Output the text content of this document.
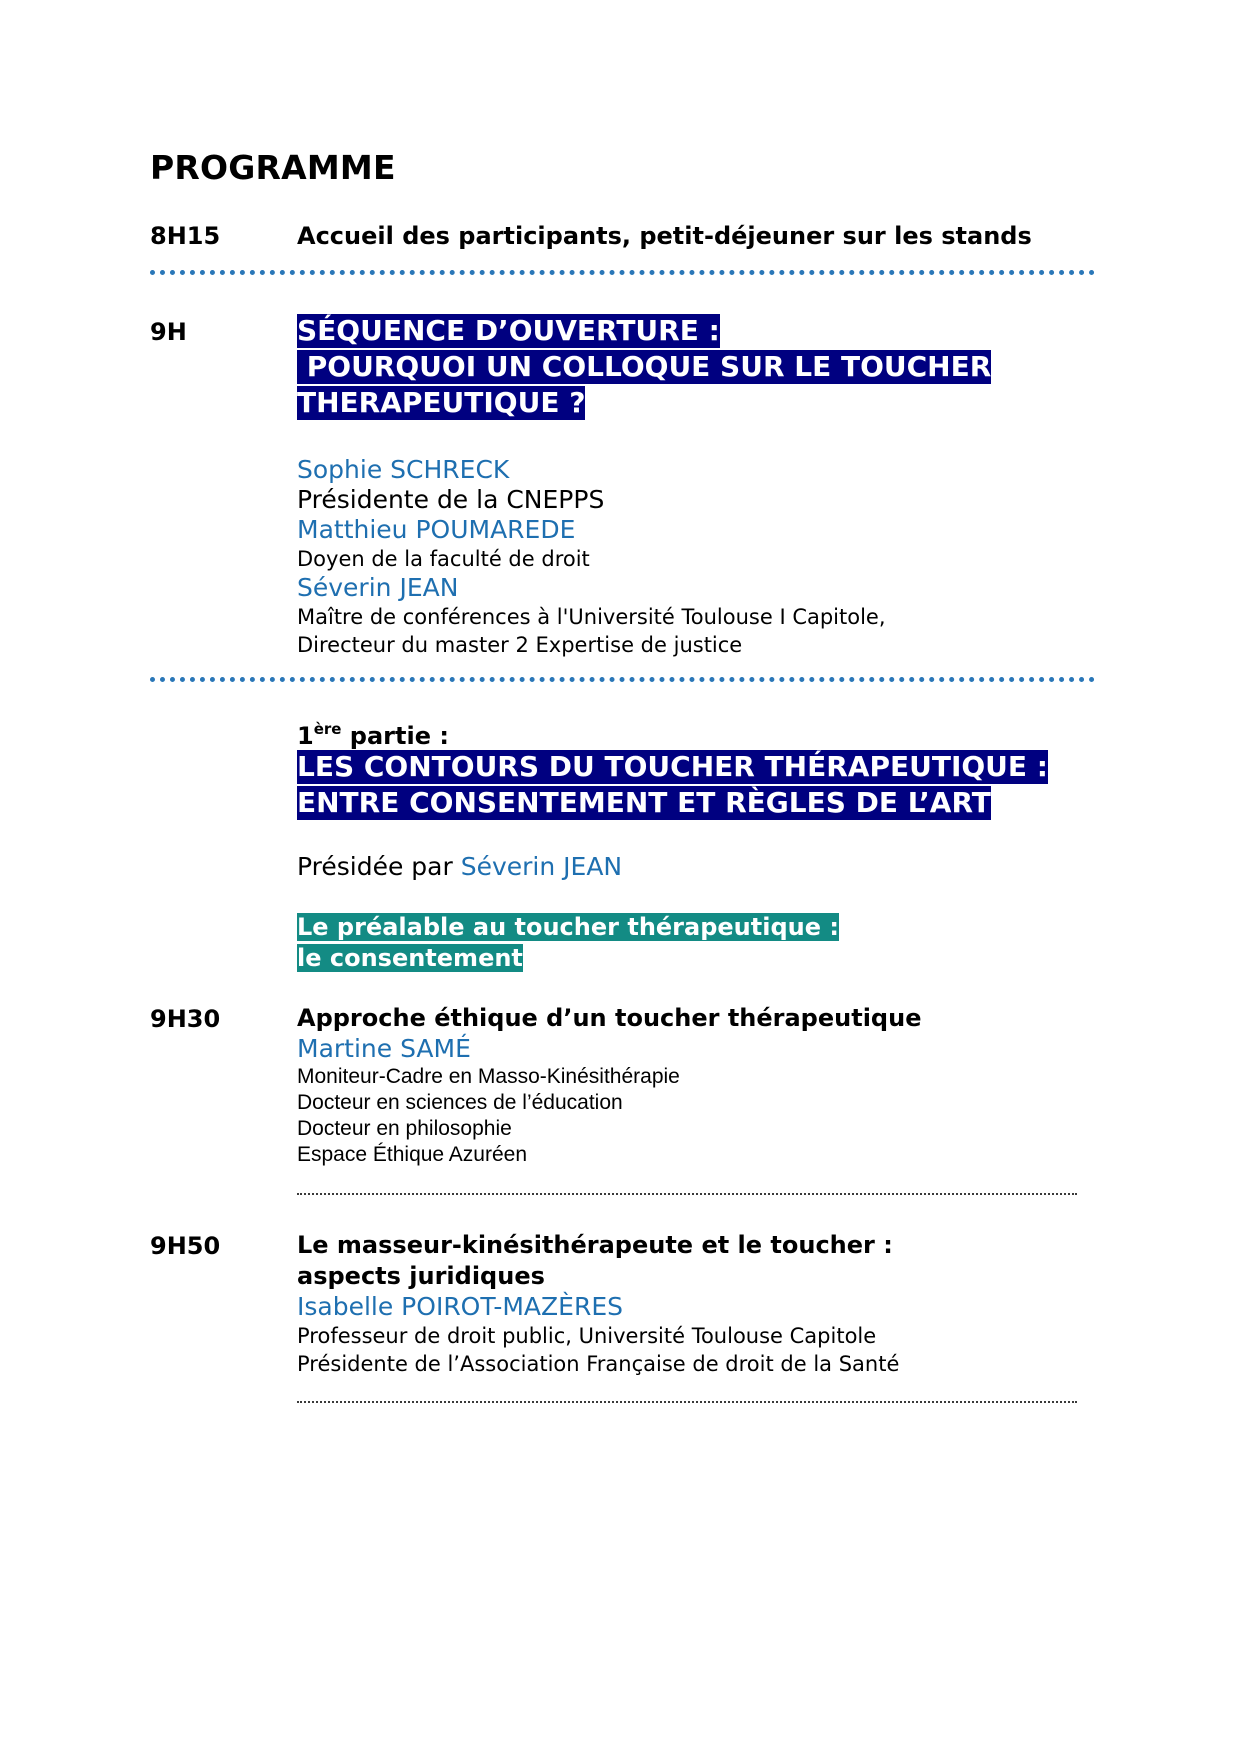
PROGRAMME
8H15	Accueil des participants, petit-déjeuner sur les stands
9H	SÉQUENCE D’OUVERTURE :
POURQUOI UN COLLOQUE SUR LE TOUCHER
THERAPEUTIQUE ?
Sophie SCHRECK
Présidente de la CNEPPS
Matthieu POUMAREDE
Doyen de la faculté de droit
Séverin JEAN
Maître de conférences à l'Université Toulouse I Capitole,
Directeur du master 2 Expertise de justice
1ère partie :
LES CONTOURS DU TOUCHER THÉRAPEUTIQUE :
ENTRE CONSENTEMENT ET RÈGLES DE L’ART
Présidée par Séverin JEAN
Le préalable au toucher thérapeutique :
le consentement
9H30	Approche éthique d’un toucher thérapeutique
Martine SAMÉ
Moniteur-Cadre en Masso-Kinésithérapie
Docteur en sciences de l’éducation
Docteur en philosophie
Espace Éthique Azuréen
9H50	Le masseur-kinésithérapeute et le toucher :
aspects juridiques
Isabelle POIROT-MAZÈRES
Professeur de droit public, Université Toulouse Capitole
Présidente de l’Association Française de droit de la Santé
